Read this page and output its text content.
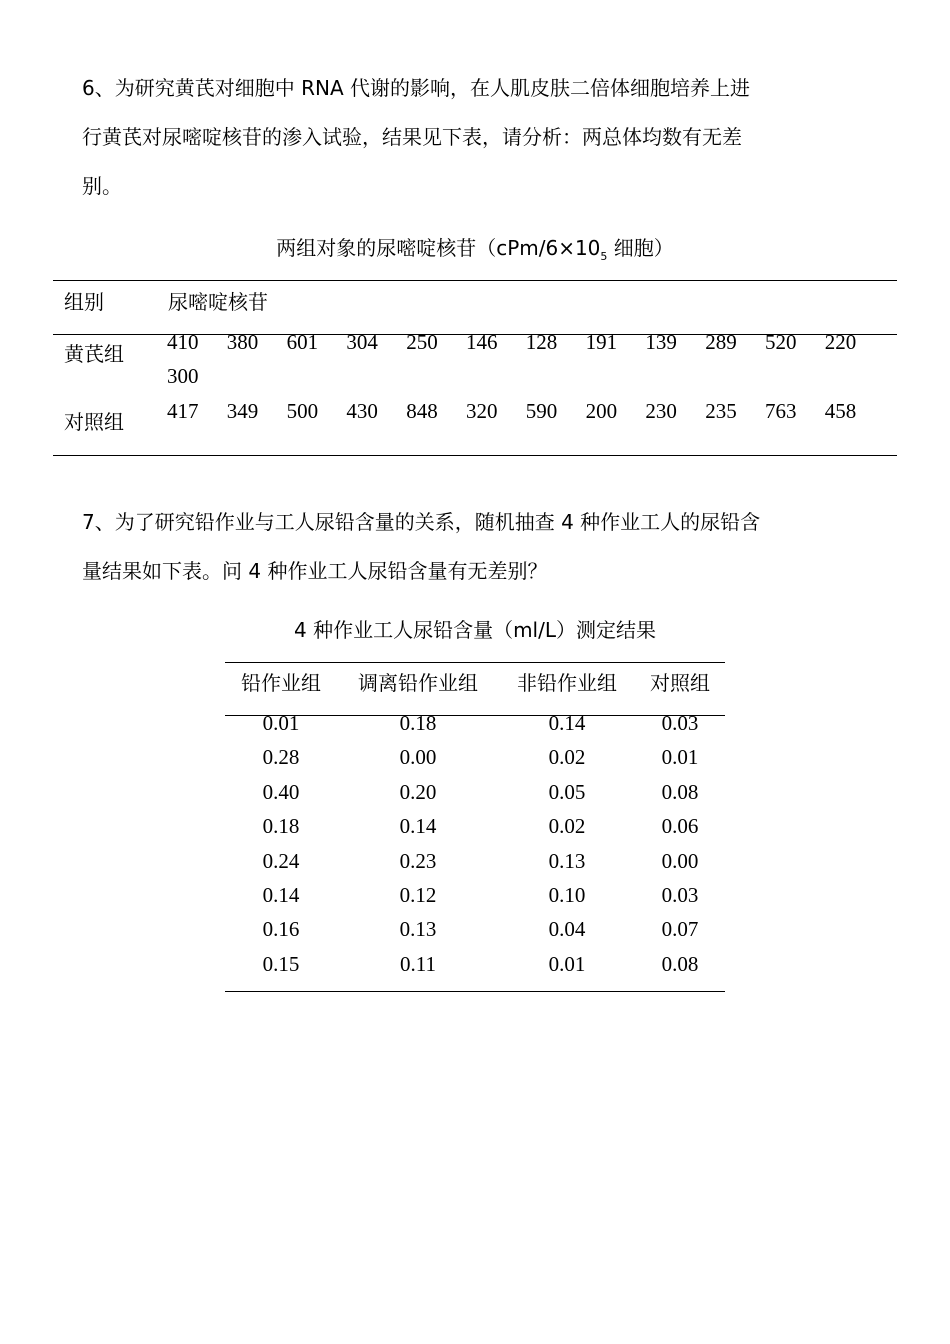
6、为研究黄芪对细胞中 RNA 代谢的影响，在人肌皮肤二倍体细胞培养上进
行黄芪对尿嘧啶核苷的渗入试验，结果见下表，请分析：两总体均数有无差
别。
两组对象的尿嘧啶核苷（$cPm/6\times 10_5$ 细胞）
组别	尿嘧啶核苷
黄芪组 410 380 601 304 250 146 128 191 139 289 520 220
300
对照组 417 349 500 430 848 320 590 200 230 235 763 458
7、为了研究铅作业与工人尿铅含量的关系，随机抽查 4 种作业工人的尿铅含
量结果如下表。问 4 种作业工人尿铅含量有无差别？
4 种作业工人尿铅含量（ml/L）测定结果
铅作业组	调离铅作业组	非铅作业组	对照组
0.01	0.18	0.14	0.03
0.28	0.00	0.02	0.01
0.40	0.20	0.05	0.08
0.18	0.14	0.02	0.06
0.24	0.23	0.13	0.00
0.14	0.12	0.10	0.03
0.16	0.13	0.04	0.07
0.15	0.11	0.01	0.08
